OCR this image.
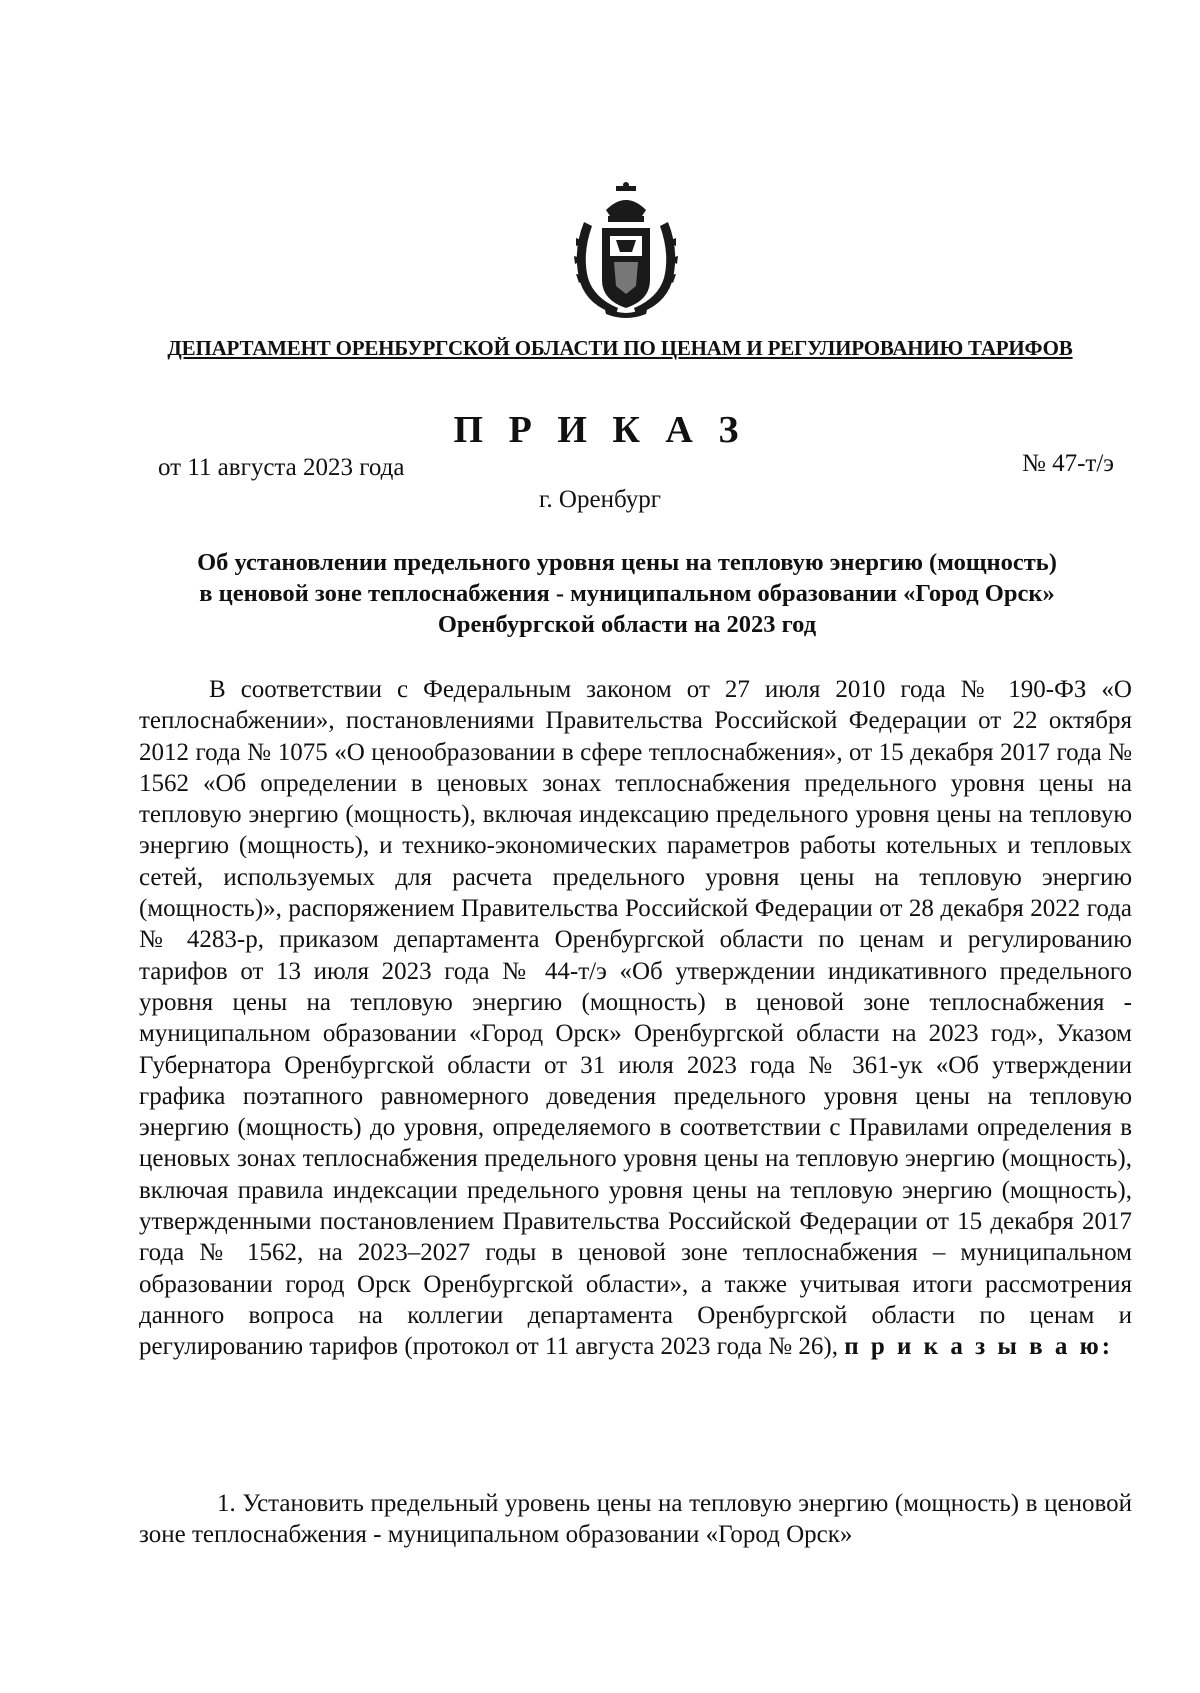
ДЕПАРТАМЕНТ ОРЕНБУРГСКОЙ ОБЛАСТИ ПО ЦЕНАМ И РЕГУЛИРОВАНИЮ ТАРИФОВ
П Р И К А З
от 11 августа 2023 года	№ 47-т/э
г. Оренбург
Об установлении предельного уровня цены на тепловую энергию (мощность)
в ценовой зоне теплоснабжения - муниципальном образовании «Город Орск»
Оренбургской области на 2023 год

В соответствии с Федеральным законом от 27 июля 2010 года № 190-ФЗ «О теплоснабжении», постановлениями Правительства Российской Федерации от 22 октября 2012 года № 1075 «О ценообразовании в сфере теплоснабжения», от 15 декабря 2017 года № 1562 «Об определении в ценовых зонах теплоснабжения предельного уровня цены на тепловую энергию (мощность), включая индексацию предельного уровня цены на тепловую энергию (мощность), и технико-экономических параметров работы котельных и тепловых сетей, используемых для расчета предельного уровня цены на тепловую энергию (мощность)», распоряжением Правительства Российской Федерации от 28 декабря 2022 года № 4283-р, приказом департамента Оренбургской области по ценам и регулированию тарифов от 13 июля 2023 года № 44-т/э «Об утверждении индикативного предельного уровня цены на тепловую энергию (мощность) в ценовой зоне теплоснабжения - муниципальном образовании «Город Орск» Оренбургской области на 2023 год», Указом Губернатора Оренбургской области от 31 июля 2023 года № 361-ук «Об утверждении графика поэтапного равномерного доведения предельного уровня цены на тепловую энергию (мощность) до уровня, определяемого в соответствии с Правилами определения в ценовых зонах теплоснабжения предельного уровня цены на тепловую энергию (мощность), включая правила индексации предельного уровня цены на тепловую энергию (мощность), утвержденными постановлением Правительства Российской Федерации от 15 декабря 2017 года № 1562, на 2023–2027 годы в ценовой зоне теплоснабжения – муниципальном образовании город Орск Оренбургской области», а также учитывая итоги рассмотрения данного вопроса на коллегии департамента Оренбургской области по ценам и регулированию тарифов (протокол от 11 августа 2023 года № 26), п р и к а з ы в а ю:

1. Установить предельный уровень цены на тепловую энергию (мощность) в ценовой зоне теплоснабжения - муниципальном образовании «Город Орск»
